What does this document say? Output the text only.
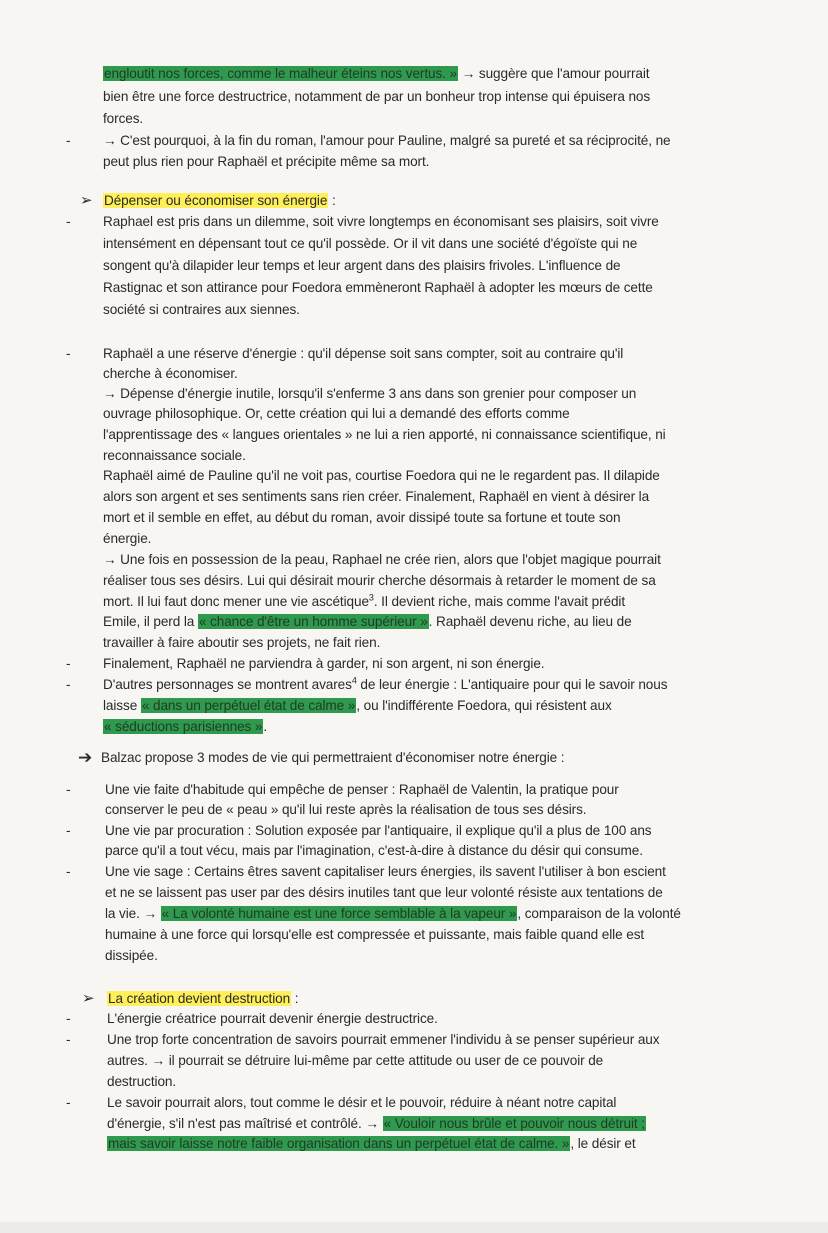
engloutit nos forces, comme le malheur éteins nos vertus. » → suggère que l'amour pourrait
bien être une force destructrice, notamment de par un bonheur trop intense qui épuisera nos
forces.
- → C'est pourquoi, à la fin du roman, l'amour pour Pauline, malgré sa pureté et sa réciprocité, ne
peut plus rien pour Raphaël et précipite même sa mort.
➢ Dépenser ou économiser son énergie :
- Raphael est pris dans un dilemme, soit vivre longtemps en économisant ses plaisirs, soit vivre
intensément en dépensant tout ce qu'il possède. Or il vit dans une société d'égoïste qui ne
songent qu'à dilapider leur temps et leur argent dans des plaisirs frivoles. L'influence de
Rastignac et son attirance pour Foedora emmèneront Raphaël à adopter les mœurs de cette
société si contraires aux siennes.
- Raphaël a une réserve d'énergie : qu'il dépense soit sans compter, soit au contraire qu'il
cherche à économiser.
→ Dépense d'énergie inutile, lorsqu'il s'enferme 3 ans dans son grenier pour composer un
ouvrage philosophique. Or, cette création qui lui a demandé des efforts comme
l'apprentissage des « langues orientales » ne lui a rien apporté, ni connaissance scientifique, ni
reconnaissance sociale.
Raphaël aimé de Pauline qu'il ne voit pas, courtise Foedora qui ne le regardent pas. Il dilapide
alors son argent et ses sentiments sans rien créer. Finalement, Raphaël en vient à désirer la
mort et il semble en effet, au début du roman, avoir dissipé toute sa fortune et toute son
énergie.
→ Une fois en possession de la peau, Raphael ne crée rien, alors que l'objet magique pourrait
réaliser tous ses désirs. Lui qui désirait mourir cherche désormais à retarder le moment de sa
mort. Il lui faut donc mener une vie ascétique$^3$. Il devient riche, mais comme l'avait prédit
Emile, il perd la « chance d'être un homme supérieur ». Raphaël devenu riche, au lieu de
travailler à faire aboutir ses projets, ne fait rien.
- Finalement, Raphaël ne parviendra à garder, ni son argent, ni son énergie.
- D'autres personnages se montrent avares$^4$ de leur énergie : L'antiquaire pour qui le savoir nous
laisse « dans un perpétuel état de calme », ou l'indifférente Foedora, qui résistent aux
« séductions parisiennes ».
➔ Balzac propose 3 modes de vie qui permettraient d'économiser notre énergie :
-	Une vie faite d'habitude qui empêche de penser : Raphaël de Valentin, la pratique pour
conserver le peu de « peau » qu'il lui reste après la réalisation de tous ses désirs.
-	Une vie par procuration : Solution exposée par l'antiquaire, il explique qu'il a plus de 100 ans
parce qu'il a tout vécu, mais par l'imagination, c'est-à-dire à distance du désir qui consume.
-	Une vie sage : Certains êtres savent capitaliser leurs énergies, ils savent l'utiliser à bon escient
et ne se laissent pas user par des désirs inutiles tant que leur volonté résiste aux tentations de
la vie. → « La volonté humaine est une force semblable à la vapeur », comparaison de la volonté
humaine à une force qui lorsqu'elle est compressée et puissante, mais faible quand elle est
dissipée.
➢ La création devient destruction :
-	L'énergie créatrice pourrait devenir énergie destructrice.
-	Une trop forte concentration de savoirs pourrait emmener l'individu à se penser supérieur aux
autres. → il pourrait se détruire lui-même par cette attitude ou user de ce pouvoir de
destruction.
-	Le savoir pourrait alors, tout comme le désir et le pouvoir, réduire à néant notre capital
d'énergie, s'il n'est pas maîtrisé et contrôlé. → « Vouloir nous brûle et pouvoir nous détruit ;
mais savoir laisse notre faible organisation dans un perpétuel état de calme. », le désir et
